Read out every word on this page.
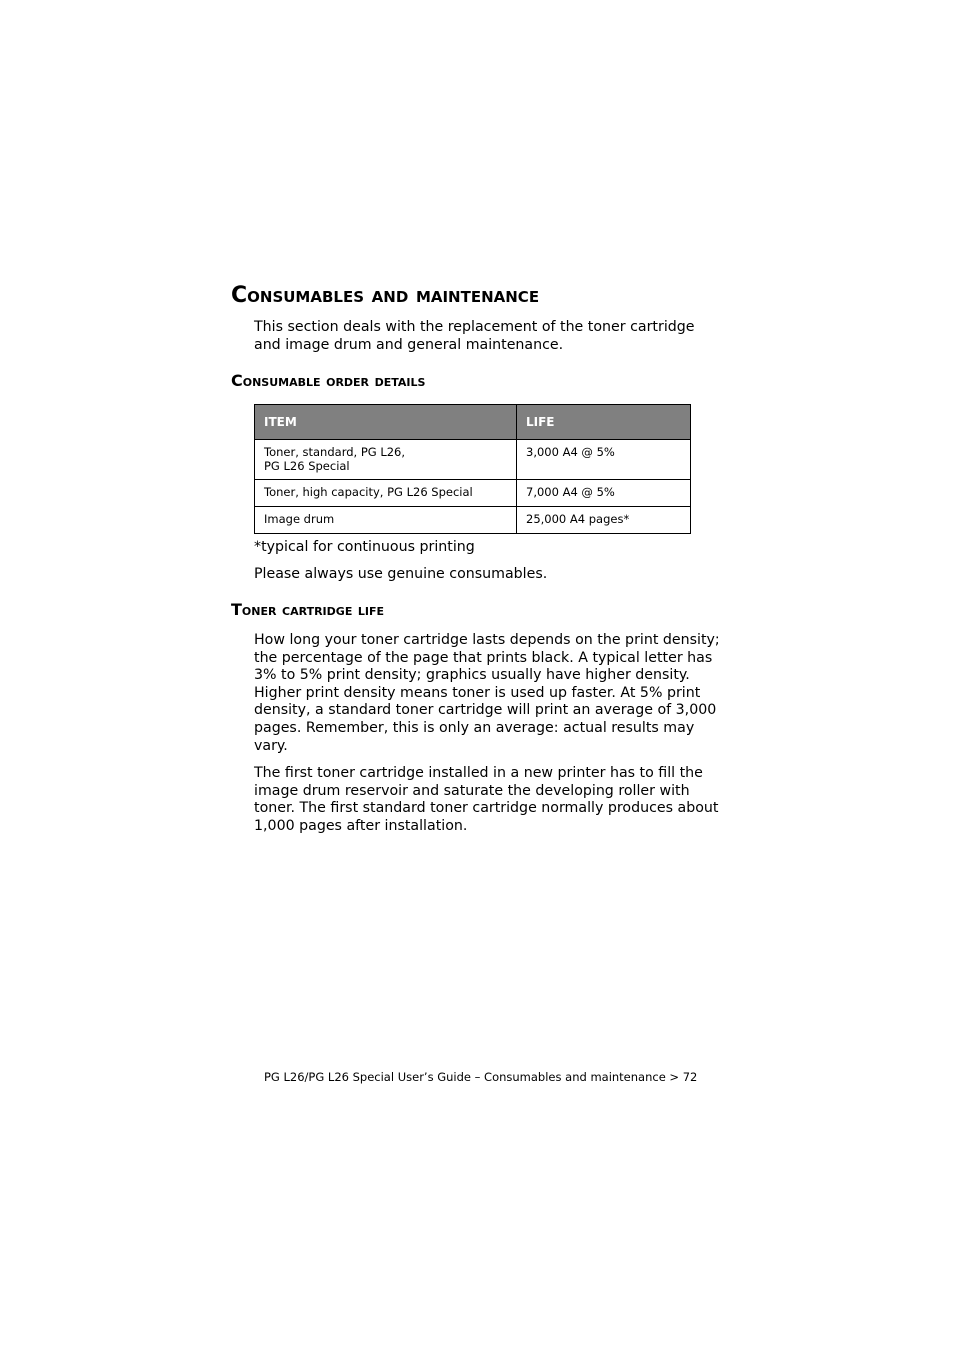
Consumables and maintenance

This section deals with the replacement of the toner cartridge and image drum and general maintenance.

Consumable order details
ITEM	LIFE

Toner, standard, PG L26,
PG L26 Special	3,000 A4 @ 5%

Toner, high capacity, PG L26 Special	7,000 A4 @ 5%

Image drum	25,000 A4 pages*

*typical for continuous printing

Please always use genuine consumables.

Toner cartridge life

How long your toner cartridge lasts depends on the print density; the percentage of the page that prints black. A typical letter has 3% to 5% print density; graphics usually have higher density. Higher print density means toner is used up faster. At 5% print density, a standard toner cartridge will print an average of 3,000 pages. Remember, this is only an average: actual results may vary.

The first toner cartridge installed in a new printer has to fill the image drum reservoir and saturate the developing roller with toner. The first standard toner cartridge normally produces about 1,000 pages after installation.

PG L26/PG L26 Special User’s Guide – Consumables and maintenance > 72
